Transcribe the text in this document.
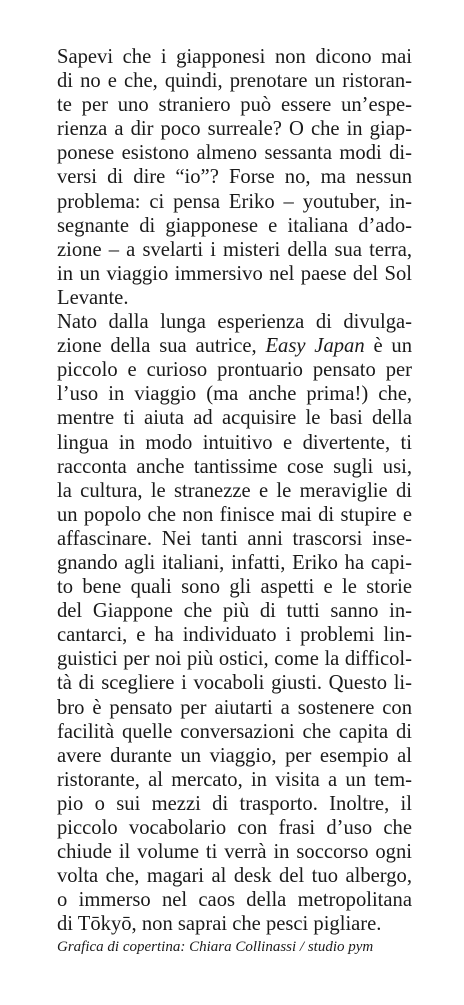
Sapevi che i giapponesi non dicono mai
di no e che, quindi, prenotare un ristoran-
te per uno straniero può essere un’espe-
rienza a dir poco surreale? O che in giap-
ponese esistono almeno sessanta modi di-
versi di dire “io”? Forse no, ma nessun
problema: ci pensa Eriko – youtuber, in-
segnante di giapponese e italiana d’ado-
zione – a svelarti i misteri della sua terra,
in un viaggio immersivo nel paese del Sol
Levante.
Nato dalla lunga esperienza di divulga-
zione della sua autrice, Easy Japan è un
piccolo e curioso prontuario pensato per
l’uso in viaggio (ma anche prima!) che,
mentre ti aiuta ad acquisire le basi della
lingua in modo intuitivo e divertente, ti
racconta anche tantissime cose sugli usi,
la cultura, le stranezze e le meraviglie di
un popolo che non finisce mai di stupire e
affascinare. Nei tanti anni trascorsi inse-
gnando agli italiani, infatti, Eriko ha capi-
to bene quali sono gli aspetti e le storie
del Giappone che più di tutti sanno in-
cantarci, e ha individuato i problemi lin-
guistici per noi più ostici, come la difficol-
tà di scegliere i vocaboli giusti. Questo li-
bro è pensato per aiutarti a sostenere con
facilità quelle conversazioni che capita di
avere durante un viaggio, per esempio al
ristorante, al mercato, in visita a un tem-
pio o sui mezzi di trasporto. Inoltre, il
piccolo vocabolario con frasi d’uso che
chiude il volume ti verrà in soccorso ogni
volta che, magari al desk del tuo albergo,
o immerso nel caos della metropolitana
di Tōkyō, non saprai che pesci pigliare.

Grafica di copertina: Chiara Collinassi / studio pym
